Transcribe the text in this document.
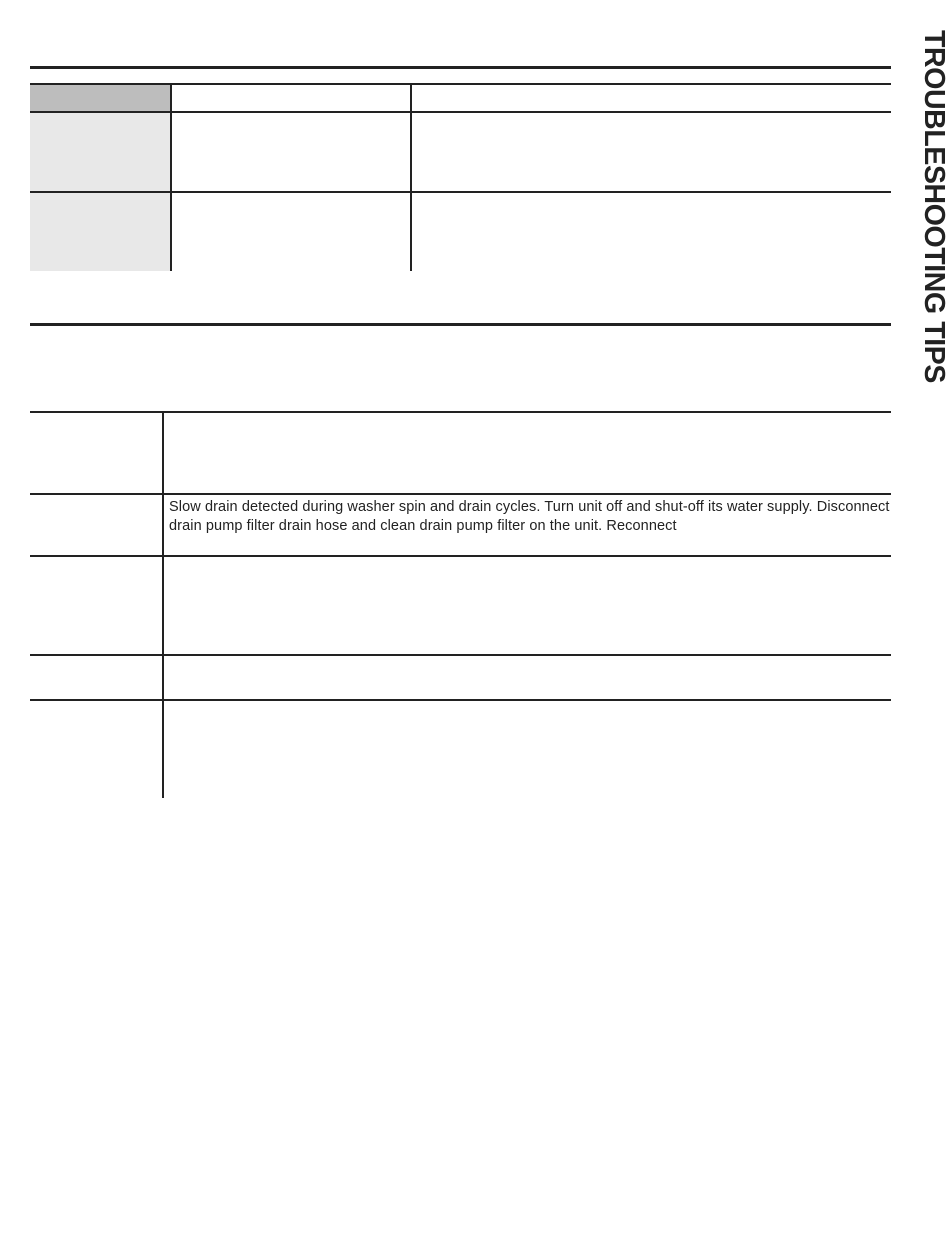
Slow drain detected during washer spin and drain cycles. Turn unit off and shut-off its water supply. Disconnect drain pump filter drain hose and clean drain pump filter on the unit. Reconnect
TROUBLESHOOTING TIPS
